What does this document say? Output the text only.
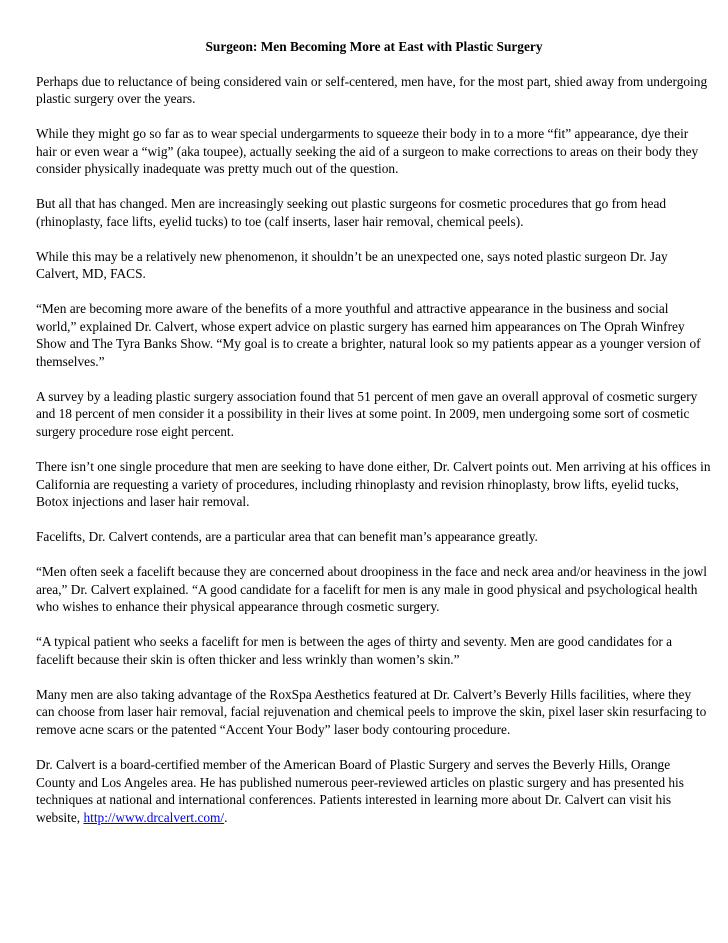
Surgeon: Men Becoming More at East with Plastic Surgery

Perhaps due to reluctance of being considered vain or self-centered, men have, for the most part, shied away from undergoing plastic surgery over the years.

While they might go so far as to wear special undergarments to squeeze their body in to a more “fit” appearance, dye their hair or even wear a “wig” (aka toupee), actually seeking the aid of a surgeon to make corrections to areas on their body they consider physically inadequate was pretty much out of the question.

But all that has changed. Men are increasingly seeking out plastic surgeons for cosmetic procedures that go from head (rhinoplasty, face lifts, eyelid tucks) to toe (calf inserts, laser hair removal, chemical peels).

While this may be a relatively new phenomenon, it shouldn’t be an unexpected one, says noted plastic surgeon Dr. Jay Calvert, MD, FACS.

“Men are becoming more aware of the benefits of a more youthful and attractive appearance in the business and social world,” explained Dr. Calvert, whose expert advice on plastic surgery has earned him appearances on The Oprah Winfrey Show and The Tyra Banks Show. “My goal is to create a brighter, natural look so my patients appear as a younger version of themselves.”

A survey by a leading plastic surgery association found that 51 percent of men gave an overall approval of cosmetic surgery and 18 percent of men consider it a possibility in their lives at some point. In 2009, men undergoing some sort of cosmetic surgery procedure rose eight percent.

There isn’t one single procedure that men are seeking to have done either, Dr. Calvert points out. Men arriving at his offices in California are requesting a variety of procedures, including rhinoplasty and revision rhinoplasty, brow lifts, eyelid tucks, Botox injections and laser hair removal.

Facelifts, Dr. Calvert contends, are a particular area that can benefit man’s appearance greatly.

“Men often seek a facelift because they are concerned about droopiness in the face and neck area and/or heaviness in the jowl area,” Dr. Calvert explained. “A good candidate for a facelift for men is any male in good physical and psychological health who wishes to enhance their physical appearance through cosmetic surgery.

“A typical patient who seeks a facelift for men is between the ages of thirty and seventy. Men are good candidates for a facelift because their skin is often thicker and less wrinkly than women’s skin.”

Many men are also taking advantage of the RoxSpa Aesthetics featured at Dr. Calvert’s Beverly Hills facilities, where they can choose from laser hair removal, facial rejuvenation and chemical peels to improve the skin, pixel laser skin resurfacing to remove acne scars or the patented “Accent Your Body” laser body contouring procedure.

Dr. Calvert is a board-certified member of the American Board of Plastic Surgery and serves the Beverly Hills, Orange County and Los Angeles area. He has published numerous peer-reviewed articles on plastic surgery and has presented his techniques at national and international conferences. Patients interested in learning more about Dr. Calvert can visit his website, http://www.drcalvert.com/.
